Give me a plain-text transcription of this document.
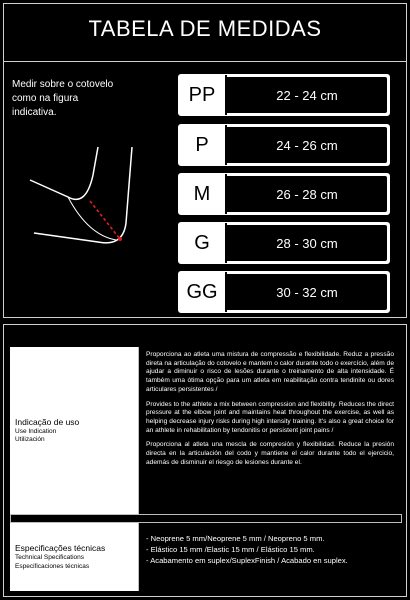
TABELA DE MEDIDAS
Medir sobre o cotovelo como na figura indicativa.
PP	22 - 24 cm
P	24 - 26 cm
M	26 - 28 cm
G	28 - 30 cm
GG	30 - 32 cm
Indicação de uso
Use Indication
Utilización

Proporciona ao atleta uma mistura de compressão e flexibilidade. Reduz a pressão direta na articulação do cotovelo e mantem o calor durante todo o exercício, além de ajudar a diminuir o risco de lesões durante o treinamento de alta intensidade. É também uma ótima opção para um atleta em reabilitação contra tendinite ou dores articulares persistentes /

Provides to the athlete a mix between compression and flexibility. Reduces the direct pressure at the elbow joint and maintains heat throughout the exercise, as well as helping decrease injury risks during high intensity training. It's also a great choice for an athlete in rehabilitation by tendonitis or persistent joint pains /

Proporciona al atleta una mescla de compresión y flexibilidad. Reduce la presión directa en la articulación del codo y mantiene el calor durante todo el ejercicio, además de disminuir el riesgo de lesiones durante el.

Especificações técnicas
Technical Specifications
Especificaciones técnicas
- Neoprene 5 mm/Neoprene 5 mm / Neopreno 5 mm.
- Elástico 15 mm /Elastic 15 mm / Elástico 15 mm.
- Acabamento em suplex/SuplexFinish / Acabado en suplex.
